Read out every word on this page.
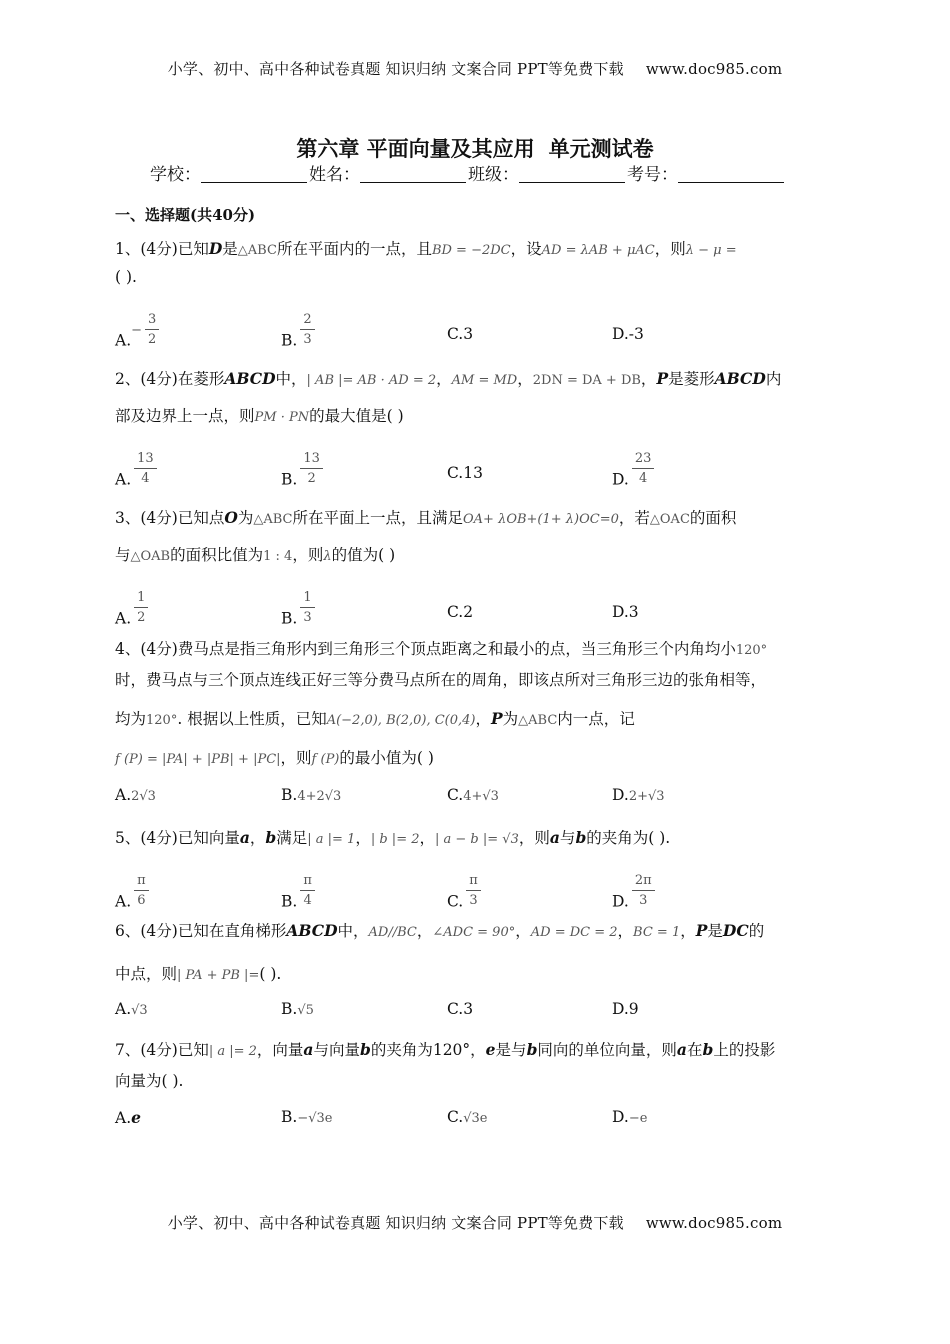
小学、初中、高中各种试卷真题 知识归纳 文案合同 PPT等免费下载 www.doc985.com
第六章 平面向量及其应用 单元测试卷
学校：	姓名：	班级：	考号：
一、选择题(共40分)
1、(4分)已知D是△ABC所在平面内的一点，且BD = −2DC，设AD = λAB + μAC，则λ − μ =
( ).
$A.^- \frac{3}{2}$	B. $\frac{2}{3}$	C.3	D.-3
2、(4分)在菱形ABCD中，| AB |= AB · AD = 2，AM = MD，2DN = DA + DB，P是菱形ABCD内
部及边界上一点，则PM · PN的最大值是( )
A. $\frac{13}{4}$	B. $\frac{13}{2}$	C.13	D. $\frac{23}{4}$
3、(4分)已知点O为△ABC所在平面上一点，且满足OA+ λOB+(1+ λ)OC=0，若△OAC的面积
与△OAB的面积比值为1 : 4，则λ的值为( )
A. $\frac{1}{2}$	B. $\frac{1}{3}$	C.2	D.3
4、(4分)费马点是指三角形内到三角形三个顶点距离之和最小的点，当三角形三个内角均小120°
时，费马点与三个顶点连线正好三等分费马点所在的周角，即该点所对三角形三边的张角相等，
均为120°. 根据以上性质，已知A(−2,0), B(2,0), C(0,4)，P为△ABC内一点，记
f (P) = |PA| + |PB| + |PC|，则f (P)的最小值为( )
A.2√3	B.4+2√3	C.4+√3	D.2+√3
5、(4分)已知向量a，b满足| a |= 1，| b |= 2，| a − b |= √3，则a与b的夹角为( ).
A. $\frac{\pi}{6}$	B. $\frac{\pi}{4}$	C. $\frac{\pi}{3}$	D. $\frac{2\pi}{3}$
6、(4分)已知在直角梯形ABCD中，AD//BC，∠ADC = 90°，AD = DC = 2，BC = 1，P是DC的
中点，则| PA + PB |=( ).
A.√3	B.√5	C.3	D.9
7、(4分)已知| a |= 2，向量a与向量b的夹角为120°，e是与b同向的单位向量，则a在b上的投影
向量为( ).
A.e	B.−√3e	C.√3e	D.−e
小学、初中、高中各种试卷真题 知识归纳 文案合同 PPT等免费下载 www.doc985.com
